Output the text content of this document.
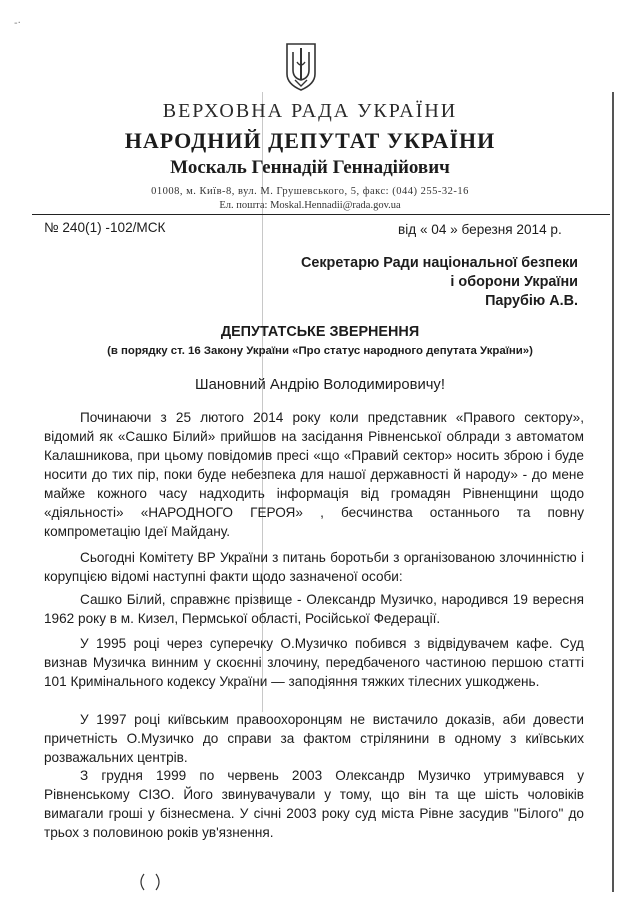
-·
ВЕРХОВНА РАДА УКРАЇНИ
НАРОДНИЙ ДЕПУТАТ УКРАЇНИ
Москаль Геннадій Геннадійович
01008, м. Київ-8, вул. М. Грушевського, 5, факс: (044) 255-32-16
Ел. пошта: Moskal.Hennadii@rada.gov.ua
№ 240(1) -102/МСК	від « 04 » березня 2014 р.
Секретарю Ради національної безпеки
і оборони України
Парубію А.В.
ДЕПУТАТСЬКЕ ЗВЕРНЕННЯ
(в порядку ст. 16 Закону України «Про статус народного депутата України»)
Шановний Андрію Володимировичу!

Починаючи з 25 лютого 2014 року коли представник «Правого сектору», відомий як «Сашко Білий» прийшов на засідання Рівненської облради з автоматом Калашникова, при цьому повідомив пресі «що «Правий сектор» носить зброю і буде носити до тих пір, поки буде небезпека для нашої державності й народу» - до мене майже кожного часу надходить інформація від громадян Рівненщини щодо «діяльності» «НАРОДНОГО ГЕРОЯ» , бесчинства останнього та повну компрометацію Ідеї Майдану.

Сьогодні Комітету ВР України з питань боротьби з організованою злочинністю і корупцією відомі наступні факти щодо зазначеної особи:

Сашко Білий, справжнє прізвище - Олександр Музичко, народився 19 вересня 1962 року в м. Кизел, Пермської області, Російської Федерації.

У 1995 році через суперечку О.Музичко побився з відвідувачем кафе. Суд визнав Музичка винним у скоєнні злочину, передбаченого частиною першою статті 101 Кримінального кодексу України — заподіяння тяжких тілесних ушкоджень.

У 1997 році київським правоохоронцям не вистачило доказів, аби довести причетність О.Музичко до справи за фактом стрілянини в одному з київських розважальних центрів.

З грудня 1999 по червень 2003 Олександр Музичко утримувався у Рівненському СІЗО. Його звинувачували у тому, що він та ще шість чоловіків вимагали гроші у бізнесмена. У січні 2003 року суд міста Рівне засудив "Білого" до трьох з половиною років ув'язнення.
